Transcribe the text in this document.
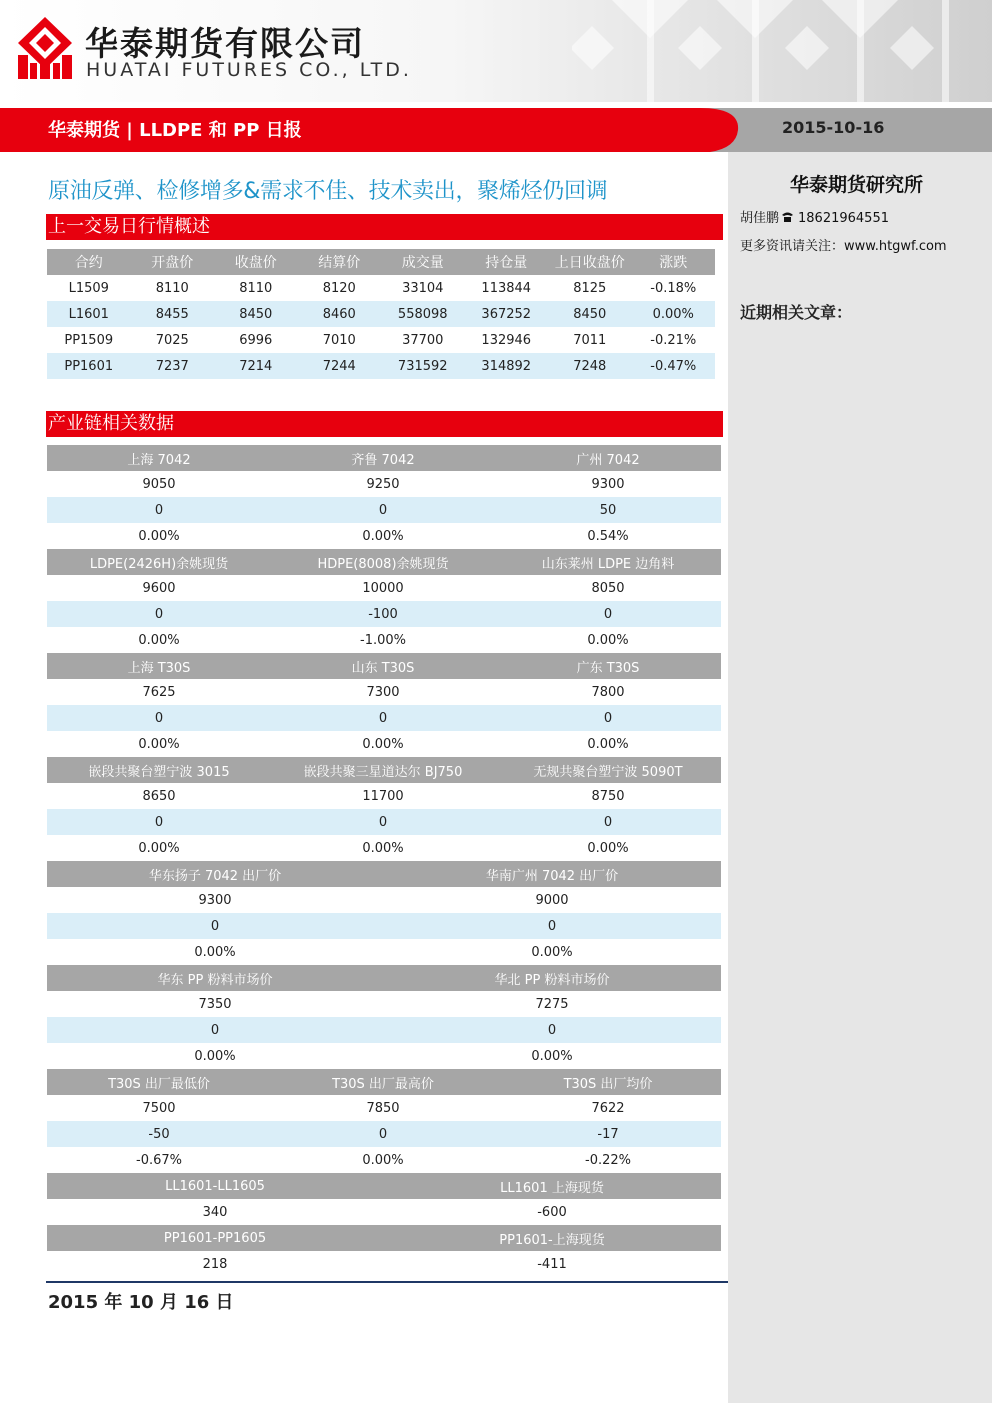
华泰期货有限公司
HUATAI FUTURES CO., LTD.
华泰期货 | LLDPE 和 PP 日报	2015-10-16
华泰期货研究所
胡佳鹏 18621964551
更多资讯请关注：www.htgwf.com
近期相关文章：
原油反弹、检修增多&需求不佳、技术卖出，聚烯烃仍回调
上一交易日行情概述
合约	开盘价	收盘价	结算价	成交量	持仓量	上日收盘价	涨跌
L1509	8110	8110	8120	33104	113844	8125	-0.18%
L1601	8455	8450	8460	558098	367252	8450	0.00%
PP1509	7025	6996	7010	37700	132946	7011	-0.21%
PP1601	7237	7214	7244	731592	314892	7248	-0.47%
产业链相关数据
上海 7042	齐鲁 7042		广州 7042
9050	9250		9300
0	0		50
0.00%	0.00%		0.54%
LDPE(2426H)余姚现货	HDPE(8008)余姚现货		山东莱州 LDPE 边角料
9600	10000		8050
0	-100		0
0.00%	-1.00%		0.00%
上海 T30S	山东 T30S		广东 T30S
7625	7300		7800
0	0		0
0.00%	0.00%		0.00%
嵌段共聚台塑宁波 3015	嵌段共聚三星道达尔 BJ750		无规共聚台塑宁波 5090T
8650	11700		8750
0	0		0
0.00%	0.00%		0.00%
华东扬子 7042 出厂价		华南广州 7042 出厂价	
9300		9000	
0		0	
0.00%		0.00%	
华东 PP 粉料市场价		华北 PP 粉料市场价	
7350		7275	
0		0	
0.00%		0.00%	
T30S 出厂最低价	T30S 出厂最高价		T30S 出厂均价
7500	7850		7622
-50	0		-17
-0.67%	0.00%		-0.22%
LL1601-LL1605		LL1601 上海现货	
340		-600	
PP1601-PP1605		PP1601-上海现货	
218		-411	
2015 年 10 月 16 日
